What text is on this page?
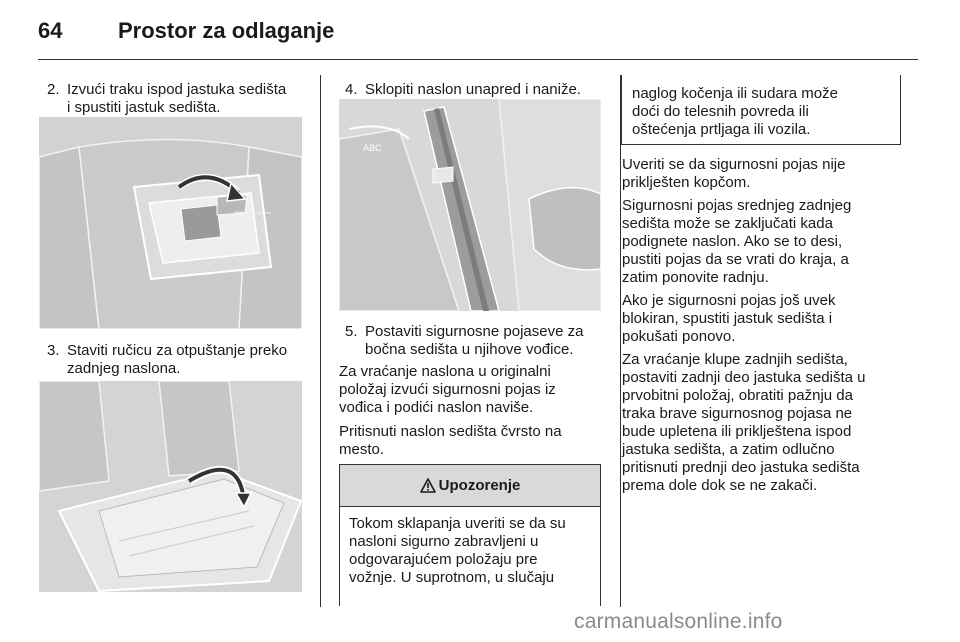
64	Prostor za odlaganje
2. Izvući traku ispod jastuka sedišta
i spustiti jastuk sedišta.
3. Staviti ručicu za otpuštanje preko
zadnjeg naslona.
4. Sklopiti naslon unapred i naniže.
ABC
5. Postaviti sigurnosne pojaseve za
bočna sedišta u njihove vođice.
Za vraćanje naslona u originalni
položaj izvući sigurnosni pojas iz
vođica i podići naslon naviše.
Pritisnuti naslon sedišta čvrsto na
mesto.
Upozorenje
Tokom sklapanja uveriti se da su
nasloni sigurno zabravljeni u
odgovarajućem položaju pre
vožnje. U suprotnom, u slučaju
naglog kočenja ili sudara može
doći do telesnih povreda ili
oštećenja prtljaga ili vozila.
Uveriti se da sigurnosni pojas nije
priklješten kopčom.
Sigurnosni pojas srednjeg zadnjeg
sedišta može se zaključati kada
podignete naslon. Ako se to desi,
pustiti pojas da se vrati do kraja, a
zatim ponovite radnju.
Ako je sigurnosni pojas još uvek
blokiran, spustiti jastuk sedišta i
pokušati ponovo.
Za vraćanje klupe zadnjih sedišta,
postaviti zadnji deo jastuka sedišta u
prvobitni položaj, obratiti pažnju da
traka brave sigurnosnog pojasa ne
bude upletena ili priklještena ispod
jastuka sedišta, a zatim odlučno
pritisnuti prednji deo jastuka sedišta
prema dole dok se ne zakači.
carmanualsonline.info
